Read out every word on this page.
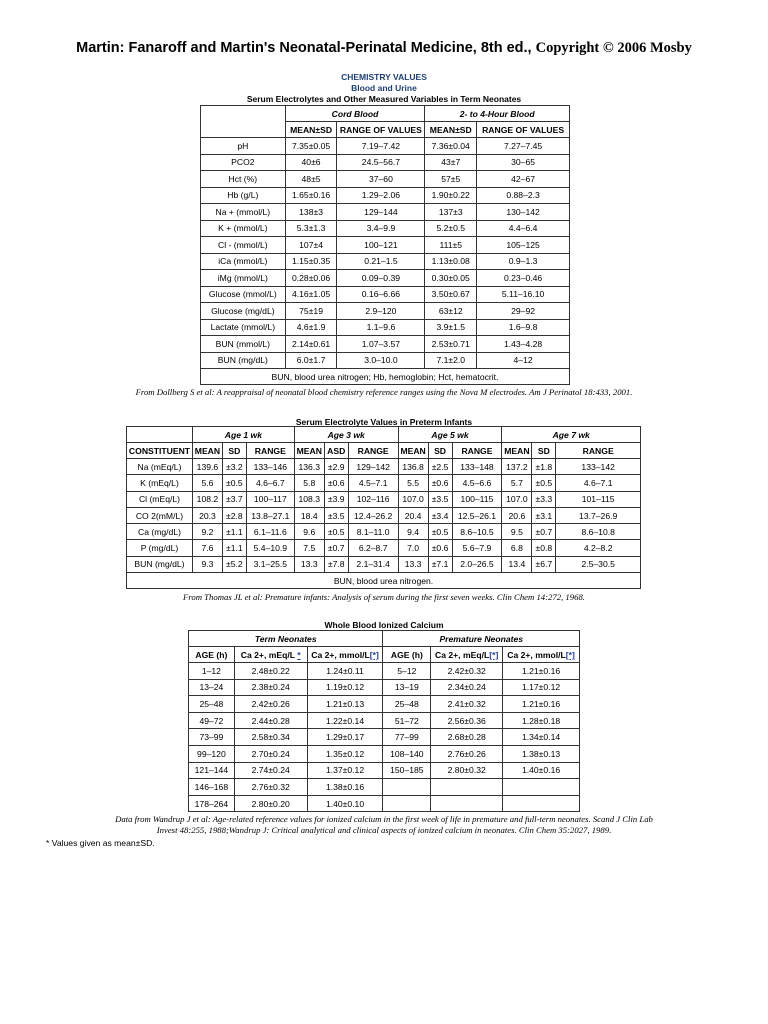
Martin: Fanaroff and Martin's Neonatal-Perinatal Medicine, 8th ed., Copyright © 2006 Mosby
CHEMISTRY VALUES
Blood and Urine
Serum Electrolytes and Other Measured Variables in Term Neonates
	Cord Blood		2- to 4-Hour Blood	
	MEAN±SD	RANGE OF VALUES	MEAN±SD	RANGE OF VALUES
pH	7.35±0.05	7.19–7.42	7.36±0.04	7.27–7.45
PCO2	40±6	24.5–56.7	43±7	30–65
Hct (%)	48±5	37–60	57±5	42–67
Hb (g/L)	1.65±0.16	1.29–2.06	1.90±0.22	0.88–2.3
Na + (mmol/L)	138±3	129–144	137±3	130–142
K + (mmol/L)	5.3±1.3	3.4–9.9	5.2±0.5	4.4–6.4
Cl - (mmol/L)	107±4	100–121	111±5	105–125
iCa (mmol/L)	1.15±0.35	0.21–1.5	1.13±0.08	0.9–1.3
iMg (mmol/L)	0.28±0.06	0.09–0.39	0.30±0.05	0.23–0.46
Glucose (mmol/L)	4.16±1.05	0.16–6.66	3.50±0.67	5.11–16.10
Glucose (mg/dL)	75±19	2.9–120	63±12	29–92
Lactate (mmol/L)	4.6±1.9	1.1–9.6	3.9±1.5	1.6–9.8
BUN (mmol/L)	2.14±0.61	1.07–3.57	2.53±0.71	1.43–4.28
BUN (mg/dL)	6.0±1.7	3.0–10.0	7.1±2.0	4–12
BUN, blood urea nitrogen; Hb, hemoglobin; Hct, hematocrit.				
From Dollberg S et al: A reappraisal of neonatal blood chemistry reference ranges using the Nova M electrodes. Am J Perinatol 18:433, 2001.
Serum Electrolyte Values in Preterm Infants
	Age 1 wk			Age 3 wk			Age 5 wk			Age 7 wk		
CONSTITUENT	MEAN	SD	RANGE	MEAN	ASD	RANGE	MEAN	SD	RANGE	MEAN	SD	RANGE
Na (mEq/L)	139.6	±3.2	133–146	136.3	±2.9	129–142	136.8	±2.5	133–148	137.2	±1.8	133–142
K (mEq/L)	5.6	±0.5	4.6–6.7	5.8	±0.6	4.5–7.1	5.5	±0.6	4.5–6.6	5.7	±0.5	4.6–7.1
Cl (mEq/L)	108.2	±3.7	100–117	108.3	±3.9	102–116	107.0	±3.5	100–115	107.0	±3.3	101–115
CO 2(mM/L)	20.3	±2.8	13.8–27.1	18.4	±3.5	12.4–26.2	20.4	±3.4	12.5–26.1	20.6	±3.1	13.7–26.9
Ca (mg/dL)	9.2	±1.1	6.1–11.6	9.6	±0.5	8.1–11.0	9.4	±0.5	8.6–10.5	9.5	±0.7	8.6–10.8
P (mg/dL)	7.6	±1.1	5.4–10.9	7.5	±0.7	6.2–8.7	7.0	±0.6	5.6–7.9	6.8	±0.8	4.2–8.2
BUN (mg/dL)	9.3	±5.2	3.1–25.5	13.3	±7.8	2.1–31.4	13.3	±7.1	2.0–26.5	13.4	±6.7	2.5–30.5
BUN, blood urea nitrogen.												
From Thomas JL et al: Premature infants: Analysis of serum during the first seven weeks. Clin Chem 14:272, 1968.
Whole Blood Ionized Calcium
Term Neonates			Premature Neonates		
AGE (h)	Ca 2+, mEq/L *	Ca 2+, mmol/L[*]	AGE (h)	Ca 2+, mEq/L[*]	Ca 2+, mmol/L[*]
1–12	2.48±0.22	1.24±0.11	5–12	2.42±0.32	1.21±0.16
13–24	2.38±0.24	1.19±0.12	13–19	2.34±0.24	1.17±0.12
25–48	2.42±0.26	1.21±0.13	25–48	2.41±0.32	1.21±0.16
49–72	2.44±0.28	1.22±0.14	51–72	2.56±0.36	1.28±0.18
73–99	2.58±0.34	1.29±0.17	77–99	2.68±0.28	1.34±0.14
99–120	2.70±0.24	1.35±0.12	108–140	2.76±0.26	1.38±0.13
121–144	2.74±0.24	1.37±0.12	150–185	2.80±0.32	1.40±0.16
146–168	2.76±0.32	1.38±0.16			
178–264	2.80±0.20	1.40±0.10			
Data from Wandrup J et al: Age-related reference values for ionized calcium in the first week of life in premature and full-term neonates. Scand J Clin Lab
Invest 48:255, 1988;Wandrup J: Critical analytical and clinical aspects of ionized calcium in neonates. Clin Chem 35:2027, 1989.
* Values given as mean±SD.
